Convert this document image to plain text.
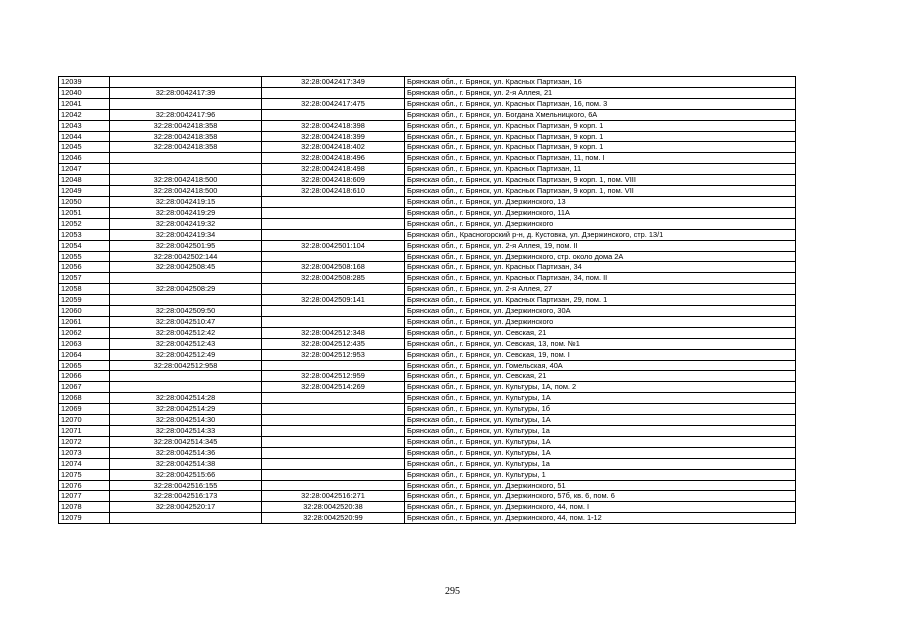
12039		32:28:0042417:349	Брянская обл., г. Брянск, ул. Красных Партизан, 16
12040	32:28:0042417:39		Брянская обл., г. Брянск, ул. 2-я Аллея, 21
12041		32:28:0042417:475	Брянская обл., г. Брянск, ул. Красных Партизан, 16, пом. 3
12042	32:28:0042417:96		Брянская обл., г. Брянск, ул. Богдана Хмельницкого, 6А
12043	32:28:0042418:358	32:28:0042418:398	Брянская обл., г. Брянск, ул. Красных Партизан, 9 корп. 1
12044	32:28:0042418:358	32:28:0042418:399	Брянская обл., г. Брянск, ул. Красных Партизан, 9 корп. 1
12045	32:28:0042418:358	32:28:0042418:402	Брянская обл., г. Брянск, ул. Красных Партизан, 9 корп. 1
12046		32:28:0042418:496	Брянская обл., г. Брянск, ул. Красных Партизан, 11, пом. I
12047		32:28:0042418:498	Брянская обл., г. Брянск, ул. Красных Партизан, 11
12048	32:28:0042418:500	32:28:0042418:609	Брянская обл., г. Брянск, ул. Красных Партизан, 9 корп. 1, пом. VIII
12049	32:28:0042418:500	32:28:0042418:610	Брянская обл., г. Брянск, ул. Красных Партизан, 9 корп. 1, пом. VII
12050	32:28:0042419:15		Брянская обл., г. Брянск, ул. Дзержинского, 13
12051	32:28:0042419:29		Брянская обл., г. Брянск, ул. Дзержинского, 11А
12052	32:28:0042419:32		Брянская обл., г. Брянск, ул. Дзержинского
12053	32:28:0042419:34		Брянская обл., Красногорский р-н, д. Кустовка, ул. Дзержинского, стр. 13/1
12054	32:28:0042501:95	32:28:0042501:104	Брянская обл., г. Брянск, ул. 2-я Аллея, 19, пом. II
12055	32:28:0042502:144		Брянская обл., г. Брянск, ул. Дзержинского, стр. около дома 2А
12056	32:28:0042508:45	32:28:0042508:168	Брянская обл., г. Брянск, ул. Красных Партизан, 34
12057		32:28:0042508:285	Брянская обл., г. Брянск, ул. Красных Партизан, 34, пом. II
12058	32:28:0042508:29		Брянская обл., г. Брянск, ул. 2-я Аллея, 27
12059		32:28:0042509:141	Брянская обл., г. Брянск, ул. Красных Партизан, 29, пом. 1
12060	32:28:0042509:50		Брянская обл., г. Брянск, ул. Дзержинского, 30А
12061	32:28:0042510:47		Брянская обл., г. Брянск, ул. Дзержинского
12062	32:28:0042512:42	32:28:0042512:348	Брянская обл., г. Брянск, ул. Севская, 21
12063	32:28:0042512:43	32:28:0042512:435	Брянская обл., г. Брянск, ул. Севская, 13, пом. №1
12064	32:28:0042512:49	32:28:0042512:953	Брянская обл., г. Брянск, ул. Севская, 19, пом. I
12065	32:28:0042512:958		Брянская обл., г. Брянск, ул. Гомельская, 40А
12066		32:28:0042512:959	Брянская обл., г. Брянск, ул. Севская, 21
12067		32:28:0042514:269	Брянская обл., г. Брянск, ул. Культуры, 1А, пом. 2
12068	32:28:0042514:28		Брянская обл., г. Брянск, ул. Культуры, 1А
12069	32:28:0042514:29		Брянская обл., г. Брянск, ул. Культуры, 1б
12070	32:28:0042514:30		Брянская обл., г. Брянск, ул. Культуры, 1А
12071	32:28:0042514:33		Брянская обл., г. Брянск, ул. Культуры, 1а
12072	32:28:0042514:345		Брянская обл., г. Брянск, ул. Культуры, 1А
12073	32:28:0042514:36		Брянская обл., г. Брянск, ул. Культуры, 1А
12074	32:28:0042514:38		Брянская обл., г. Брянск, ул. Культуры, 1а
12075	32:28:0042515:66		Брянская обл., г. Брянск, ул. Культуры, 1
12076	32:28:0042516:155		Брянская обл., г. Брянск, ул. Дзержинского, 51
12077	32:28:0042516:173	32:28:0042516:271	Брянская обл., г. Брянск, ул. Дзержинского, 57б, кв. 6, пом. 6
12078	32:28:0042520:17	32:28:0042520:38	Брянская обл., г. Брянск, ул. Дзержинского, 44, пом. I
12079		32:28:0042520:99	Брянская обл., г. Брянск, ул. Дзержинского, 44, пом. 1-12
295
